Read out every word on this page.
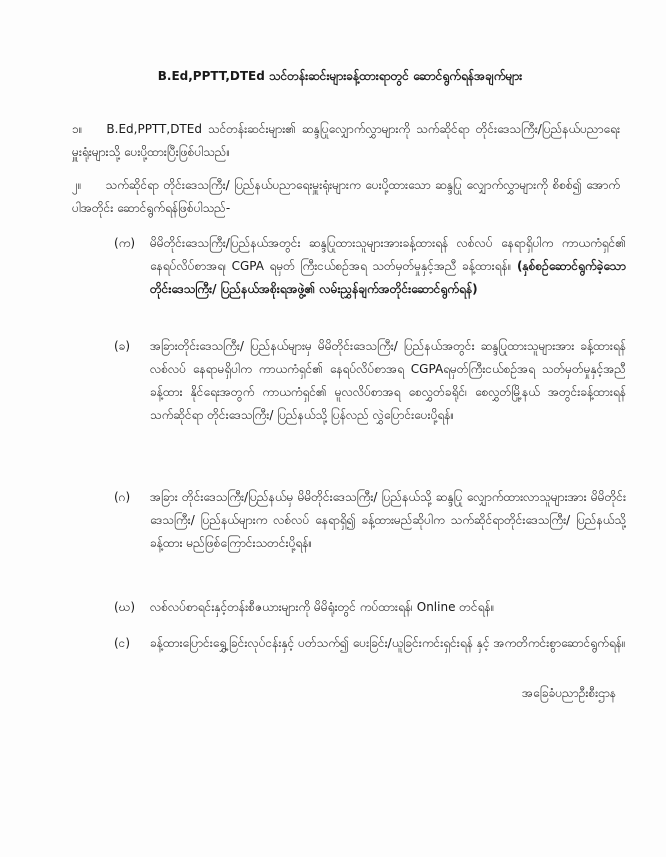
B.Ed,PPTT,DTEd သင်တန်းဆင်းများခန့်ထားရာတွင် ဆောင်ရွက်ရန်အချက်များ
၁။ B.Ed,PPTT,DTEd သင်တန်းဆင်းများ၏ ဆန္ဒပြုလျှောက်လွှာများကို သက်ဆိုင်ရာ တိုင်းဒေသကြီး/ပြည်နယ်ပညာရေးမှူးရုံးများသို့ ပေးပို့ထားပြီးဖြစ်ပါသည်။
၂။ သက်ဆိုင်ရာ တိုင်းဒေသကြီး/ ပြည်နယ်ပညာရေးမှူးရုံးများက ပေးပို့ထားသော ဆန္ဒပြု လျှောက်လွှာများကို စိစစ်၍ အောက်ပါအတိုင်း ဆောင်ရွက်ရန်ဖြစ်ပါသည်-
(က) မိမိတိုင်းဒေသကြီး/ပြည်နယ်အတွင်း ဆန္ဒပြုထားသူများအားခန့်ထားရန် လစ်လပ် နေရာရှိပါက ကာယကံရှင်၏ နေရပ်လိပ်စာအရ၊ CGPA ရမှတ် ကြီးငယ်စဉ်အရ သတ်မှတ်မှုနှင့်အညီ ခန့်ထားရန်။ (နှစ်စဉ်ဆောင်ရွက်ခဲ့သော တိုင်းဒေသကြီး/ ပြည်နယ်အစိုးရအဖွဲ့၏ လမ်းညွှန်ချက်အတိုင်းဆောင်ရွက်ရန်)
(ခ) အခြားတိုင်းဒေသကြီး/ ပြည်နယ်များမှ မိမိတိုင်းဒေသကြီး/ ပြည်နယ်အတွင်း ဆန္ဒပြုထားသူများအား ခန့်ထားရန် လစ်လပ် နေရာမရှိပါက ကာယကံရှင်၏ နေရပ်လိပ်စာအရ CGPAရမှတ်ကြီးငယ်စဉ်အရ သတ်မှတ်မှုနှင့်အညီ ခန့်ထား နိုင်ရေးအတွက် ကာယကံရှင်၏ မူလလိပ်စာအရ စေလွှတ်ခရိုင်၊ စေလွှတ်မြို့နယ် အတွင်းခန့်ထားရန် သက်ဆိုင်ရာ တိုင်းဒေသကြီး/ ပြည်နယ်သို့ ပြန်လည် လွှဲပြောင်းပေးပို့ရန်။
(ဂ) အခြား တိုင်းဒေသကြီး/ပြည်နယ်မှ မိမိတိုင်းဒေသကြီး/ ပြည်နယ်သို့ ဆန္ဒပြု လျှောက်ထားလာသူများအား မိမိတိုင်းဒေသကြီး/ ပြည်နယ်များက လစ်လပ် နေရာရှိ၍ ခန့်ထားမည်ဆိုပါက သက်ဆိုင်ရာတိုင်းဒေသကြီး/ ပြည်နယ်သို့ ခန့်ထား မည်ဖြစ်ကြောင်းသတင်းပို့ရန်။
(ဃ) လစ်လပ်စာရင်းနှင့်တန်းစီဇယားများကို မိမိရုံးတွင် ကပ်ထားရန်၊ Online တင်ရန်။
(င) ခန့်ထားပြောင်းရွှေ့ခြင်းလုပ်ငန်းနှင့် ပတ်သက်၍ ပေးခြင်း/ယူခြင်းကင်းရှင်းရန် နှင့် အကတိကင်းစွာဆောင်ရွက်ရန်။
အခြေခံပညာဦးစီးဌာန
